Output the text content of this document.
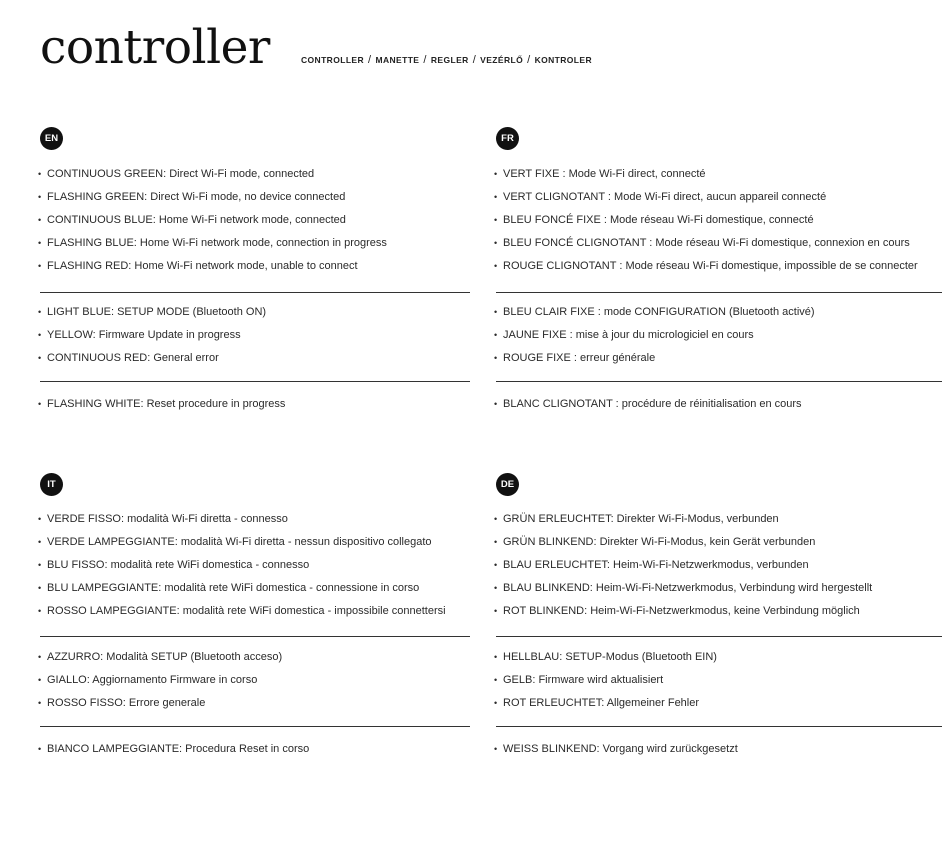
controller	CONTROLLER / MANETTE / REGLER / VEZÉRLŐ / KONTROLER
EN
• CONTINUOUS GREEN: Direct Wi-Fi mode, connected
• FLASHING GREEN: Direct Wi-Fi mode, no device connected
• CONTINUOUS BLUE: Home Wi-Fi network mode, connected
• FLASHING BLUE: Home Wi-Fi network mode, connection in progress
• FLASHING RED: Home Wi-Fi network mode, unable to connect
• LIGHT BLUE: SETUP MODE (Bluetooth ON)
• YELLOW: Firmware Update in progress
• CONTINUOUS RED: General error
• FLASHING WHITE: Reset procedure in progress
FR
• VERT FIXE : Mode Wi-Fi direct, connecté
• VERT CLIGNOTANT : Mode Wi-Fi direct, aucun appareil connecté
• BLEU FONCÉ FIXE : Mode réseau Wi-Fi domestique, connecté
• BLEU FONCÉ CLIGNOTANT : Mode réseau Wi-Fi domestique, connexion en cours
• ROUGE CLIGNOTANT : Mode réseau Wi-Fi domestique, impossible de se connecter
• BLEU CLAIR FIXE : mode CONFIGURATION (Bluetooth activé)
• JAUNE FIXE : mise à jour du micrologiciel en cours
• ROUGE FIXE : erreur générale
• BLANC CLIGNOTANT : procédure de réinitialisation en cours
IT
• VERDE FISSO: modalità Wi-Fi diretta - connesso
• VERDE LAMPEGGIANTE: modalità Wi-Fi diretta - nessun dispositivo collegato
• BLU FISSO: modalità rete WiFi domestica - connesso
• BLU LAMPEGGIANTE: modalità rete WiFi domestica - connessione in corso
• ROSSO LAMPEGGIANTE: modalità rete WiFi domestica - impossibile connettersi
• AZZURRO: Modalità SETUP (Bluetooth acceso)
• GIALLO: Aggiornamento Firmware in corso
• ROSSO FISSO: Errore generale
• BIANCO LAMPEGGIANTE: Procedura Reset in corso
DE
• GRÜN ERLEUCHTET: Direkter Wi-Fi-Modus, verbunden
• GRÜN BLINKEND: Direkter Wi-Fi-Modus, kein Gerät verbunden
• BLAU ERLEUCHTET: Heim-Wi-Fi-Netzwerkmodus, verbunden
• BLAU BLINKEND: Heim-Wi-Fi-Netzwerkmodus, Verbindung wird hergestellt
• ROT BLINKEND: Heim-Wi-Fi-Netzwerkmodus, keine Verbindung möglich
• HELLBLAU: SETUP-Modus (Bluetooth EIN)
• GELB: Firmware wird aktualisiert
• ROT ERLEUCHTET: Allgemeiner Fehler
• WEISS BLINKEND: Vorgang wird zurückgesetzt
